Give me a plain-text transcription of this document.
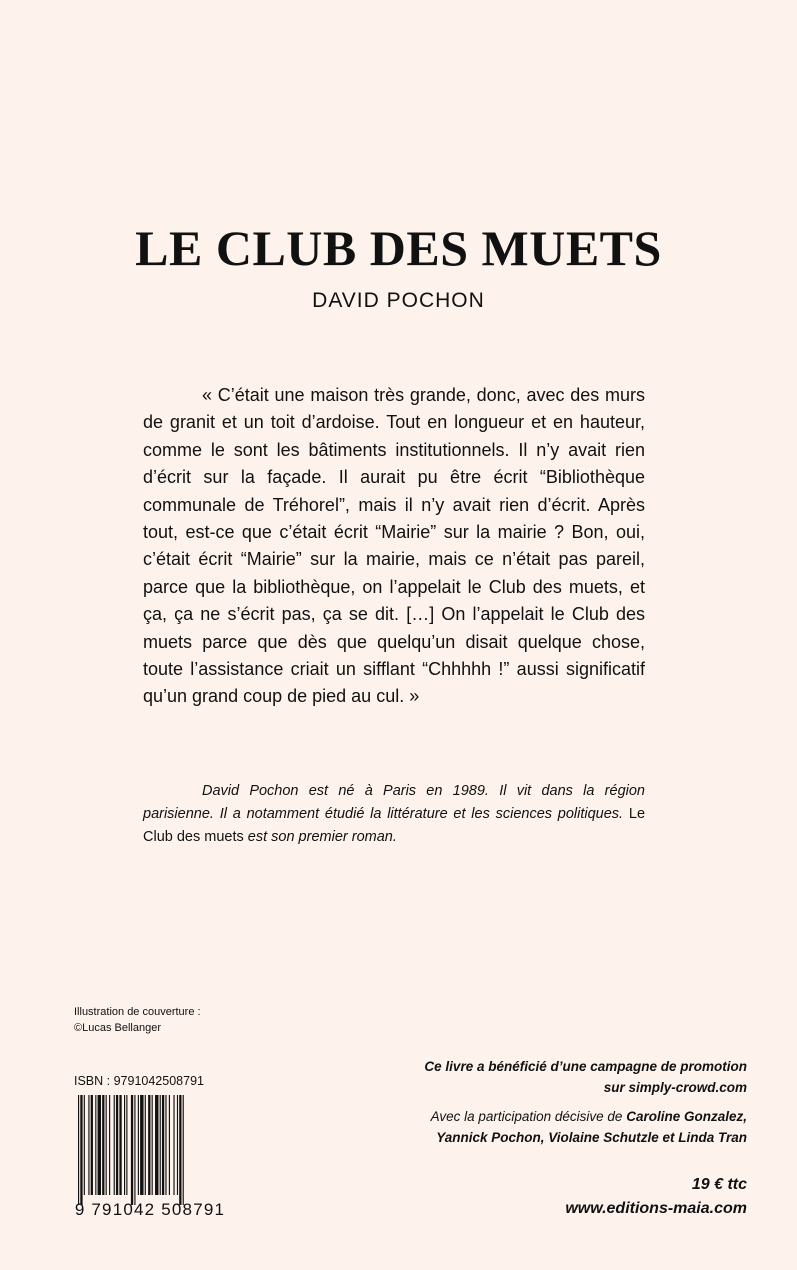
LE CLUB DES MUETS
DAVID POCHON

« C’était une maison très grande, donc, avec des murs de granit et un toit d’ardoise. Tout en longueur et en hauteur, comme le sont les bâtiments institutionnels. Il n’y avait rien d’écrit sur la façade. Il aurait pu être écrit “Bibliothèque communale de Tréhorel”, mais il n’y avait rien d’écrit. Après tout, est-ce que c’était écrit “Mairie” sur la mairie ? Bon, oui, c’était écrit “Mairie” sur la mairie, mais ce n’était pas pareil, parce que la bibliothèque, on l’appelait le Club des muets, et ça, ça ne s’écrit pas, ça se dit. […] On l’appelait le Club des muets parce que dès que quelqu’un disait quelque chose, toute l’assistance criait un sifflant “Chhhhh !” aussi significatif qu’un grand coup de pied au cul. »

David Pochon est né à Paris en 1989. Il vit dans la région parisienne. Il a notamment étudié la littérature et les sciences politiques. Le Club des muets est son premier roman.

Illustration de couverture :
©Lucas Bellanger
ISBN : 9791042508791
9 791042 508791
Ce livre a bénéficié d’une campagne de promotion
sur simply-crowd.com
Avec la participation décisive de Caroline Gonzalez,
Yannick Pochon, Violaine Schutzle et Linda Tran
19 € ttc
www.editions-maia.com
